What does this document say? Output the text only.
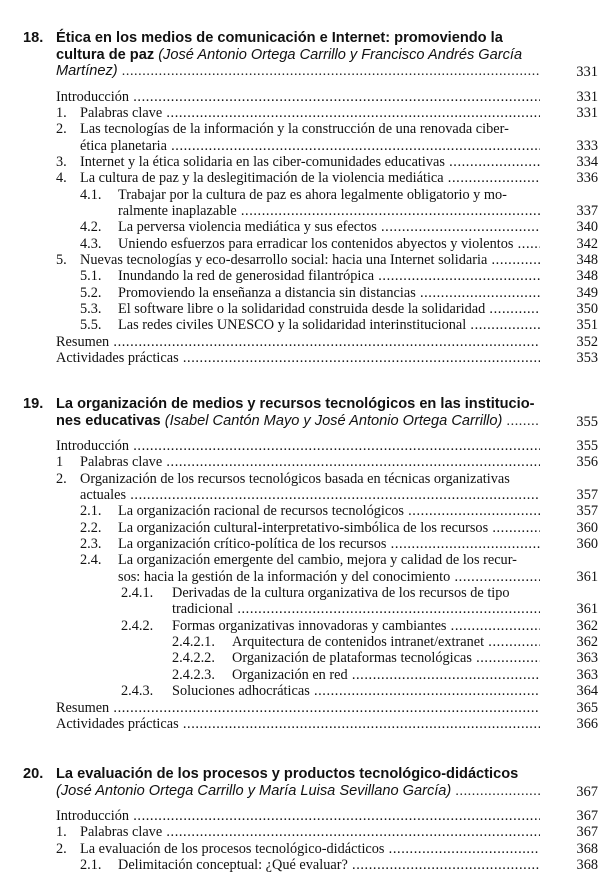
18. Ética en los medios de comunicación e Internet: promoviendo la
cultura de paz (José Antonio Ortega Carrillo y Francisco Andrés García
Martínez) .....	331
Introducción .....	331
1. Palabras clave .....	331
2. Las tecnologías de la información y la construcción de una renovada ciber-
ética planetaria .....	333
3. Internet y la ética solidaria en las ciber-comunidades educativas .....	334
4. La cultura de paz y la deslegitimación de la violencia mediática .....	336
4.1. Trabajar por la cultura de paz es ahora legalmente obligatorio y mo-
ralmente inaplazable .....	337
4.2. La perversa violencia mediática y sus efectos .....	340
4.3. Uniendo esfuerzos para erradicar los contenidos abyectos y violentos .....	342
5. Nuevas tecnologías y eco-desarrollo social: hacia una Internet solidaria .....	348
5.1. Inundando la red de generosidad filantrópica .....	348
5.2. Promoviendo la enseñanza a distancia sin distancias .....	349
5.3. El software libre o la solidaridad construida desde la solidaridad .....	350
5.5. Las redes civiles UNESCO y la solidaridad interinstitucional .....	351
Resumen .....	352
Actividades prácticas .....	353
19. La organización de medios y recursos tecnológicos en las institucio-
nes educativas (Isabel Cantón Mayo y José Antonio Ortega Carrillo) .....	355
Introducción .....	355
1 Palabras clave .....	356
2. Organización de los recursos tecnológicos basada en técnicas organizativas
actuales .....	357
2.1. La organización racional de recursos tecnológicos .....	357
2.2. La organización cultural-interpretativo-simbólica de los recursos .....	360
2.3. La organización crítico-política de los recursos .....	360
2.4. La organización emergente del cambio, mejora y calidad de los recur-
sos: hacia la gestión de la información y del conocimiento .....	361
2.4.1. Derivadas de la cultura organizativa de los recursos de tipo
tradicional .....	361
2.4.2. Formas organizativas innovadoras y cambiantes .....	362
2.4.2.1. Arquitectura de contenidos intranet/extranet .....	362
2.4.2.2. Organización de plataformas tecnológicas .....	363
2.4.2.3. Organización en red .....	363
2.4.3. Soluciones adhocráticas .....	364
Resumen .....	365
Actividades prácticas .....	366
20. La evaluación de los procesos y productos tecnológico-didácticos
(José Antonio Ortega Carrillo y María Luisa Sevillano García) .....	367
Introducción .....	367
1. Palabras clave .....	367
2. La evaluación de los procesos tecnológico-didácticos .....	368
2.1. Delimitación conceptual: ¿Qué evaluar? .....	368
